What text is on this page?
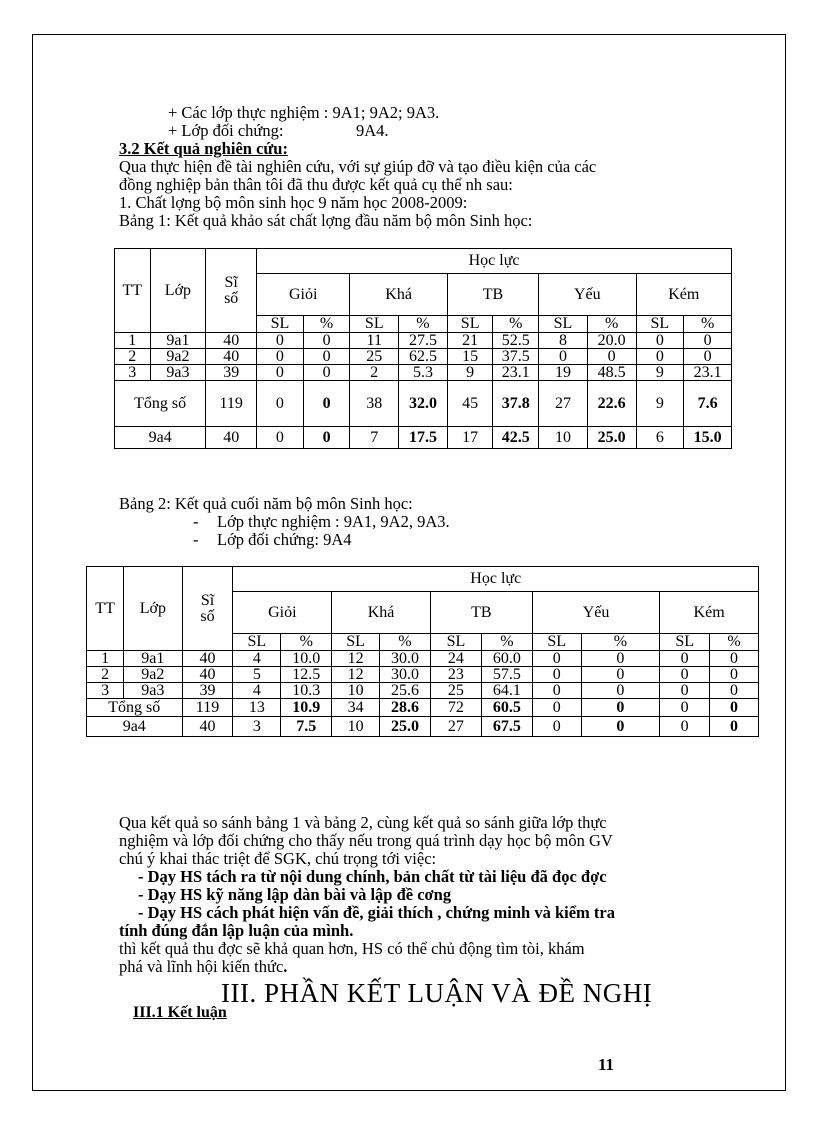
+ Các lớp thực nghiệm : 9A1; 9A2; 9A3.
+ Lớp đối chứng:	9A4.
3.2 Kết quả nghiên cứu:
Qua thực hiện đề tài nghiên cứu, với sự giúp đỡ và tạo điều kiện của các
đồng nghiệp bản thân tôi đã thu được kết quả cụ thể nh sau:
1. Chất lợng bộ môn sinh học 9 năm học 2008-2009:
Bảng 1: Kết quả khảo sát chất lợng đầu năm bộ môn Sinh học:
TT	Lớp	Sĩ số	Học lực									
			Giỏi		Khá		TB		Yếu		Kém	
			SL	%	SL	%	SL	%	SL	%	SL	%
1	9a1	40	0	0	11	27.5	21	52.5	8	20.0	0	0
2	9a2	40	0	0	25	62.5	15	37.5	0	0	0	0
3	9a3	39	0	0	2	5.3	9	23.1	19	48.5	9	23.1
Tổng số		119	0	0	38	32.0	45	37.8	27	22.6	9	7.6
9a4		40	0	0	7	17.5	17	42.5	10	25.0	6	15.0
Bảng 2: Kết quả cuối năm bộ môn Sinh học:
- Lớp thực nghiệm : 9A1, 9A2, 9A3.
- Lớp đối chứng: 9A4
TT	Lớp	Sĩ số	Học lực									
			Giỏi		Khá		TB		Yếu		Kém	
			SL	%	SL	%	SL	%	SL	%	SL	%
1	9a1	40	4	10.0	12	30.0	24	60.0	0	0	0	0
2	9a2	40	5	12.5	12	30.0	23	57.5	0	0	0	0
3	9a3	39	4	10.3	10	25.6	25	64.1	0	0	0	0
Tổng số		119	13	10.9	34	28.6	72	60.5	0	0	0	0
9a4		40	3	7.5	10	25.0	27	67.5	0	0	0	0
Qua kết quả so sánh bảng 1 và bảng 2, cùng kết quả so sánh giữa lớp thực
nghiệm và lớp đối chứng cho thấy nếu trong quá trình dạy học bộ môn GV
chú ý khai thác triệt để SGK, chú trọng tới việc:
- Dạy HS tách ra từ nội dung chính, bản chất từ tài liệu đã đọc đợc
- Dạy HS kỹ năng lập dàn bài và lập đề cơng
- Dạy HS cách phát hiện vấn đề, giải thích , chứng minh và kiểm tra
tính đúng đắn lập luận của mình.
thì kết quả thu đợc sẽ khả quan hơn, HS có thể chủ động tìm tòi, khám
phá và lĩnh hội kiến thức.
III. PHẦN KẾT LUẬN VÀ ĐỀ NGHỊ
III.1 Kết luận
11
